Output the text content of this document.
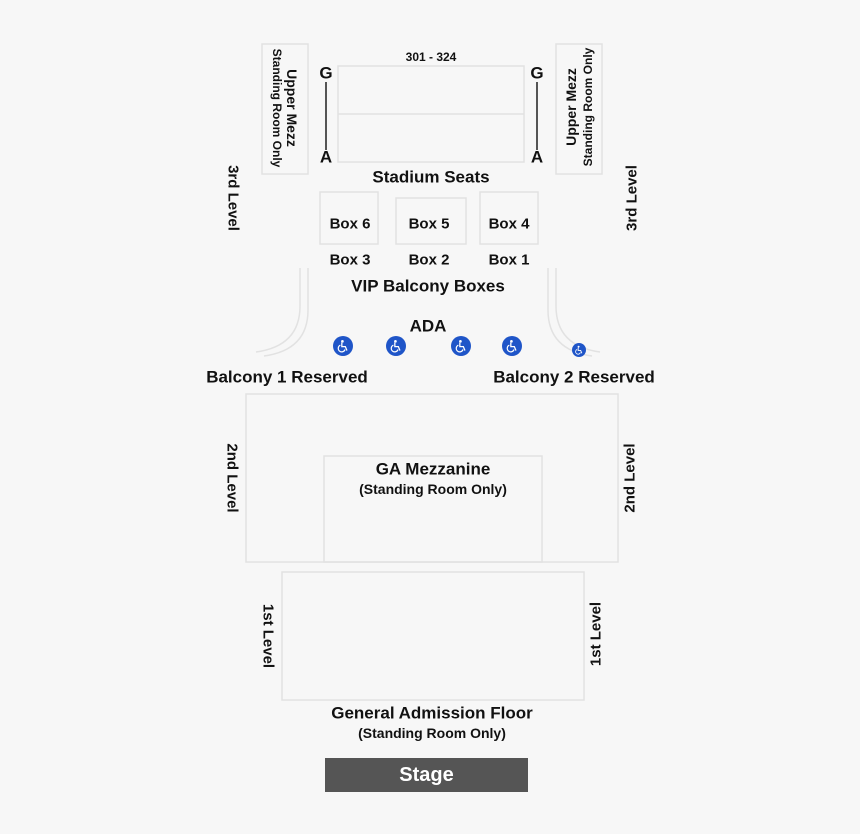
301 - 324
G
A
G
A
Stadium Seats
Upper Mezz
Standing Room Only	Upper Mezz Standing Room Only
3rd Level	3rd Level
Box 6	Box 5	Box 4
Box 3	Box 2	Box 1
VIP Balcony Boxes
ADA
Balcony 1 Reserved	Balcony 2 Reserved
2nd Level	2nd Level
GA Mezzanine
(Standing Room Only)
1st Level	1st Level
General Admission Floor
(Standing Room Only)
Stage
